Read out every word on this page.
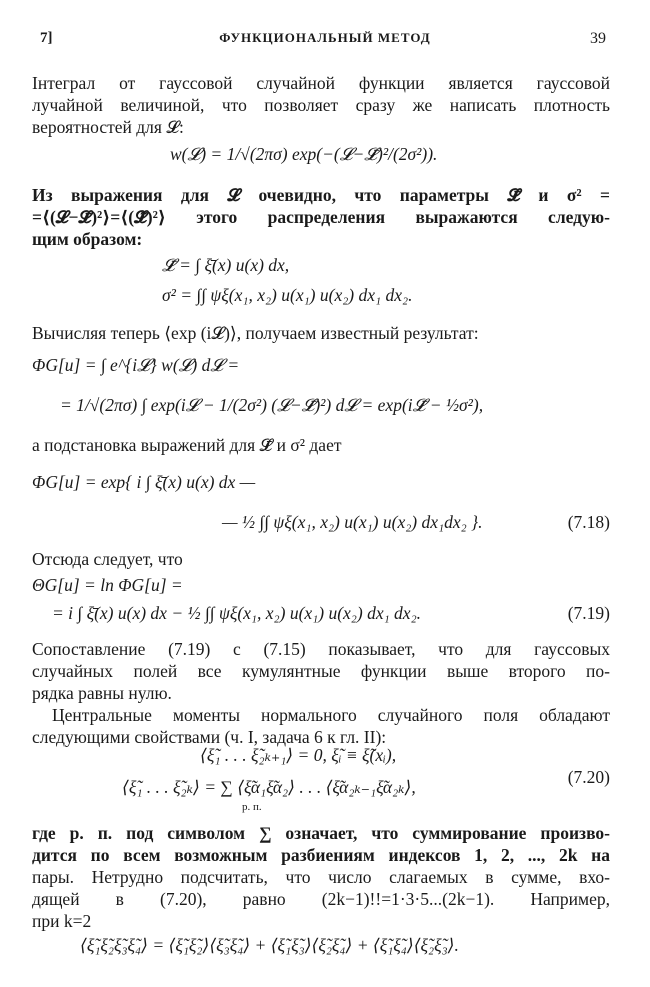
7]	ФУНКЦИОНАЛЬНЫЙ МЕТОД	39
Інтеграл от гауссовой случайной функции является гауссовой
лучайной величиной, что позволяет сразу же написать плотность
вероятностей для 𝓛:
w(𝓛) = 1/√(2πσ) exp(−(𝓛−𝓛̄)²/(2σ²)).
Из выражения для 𝓛 очевидно, что параметры 𝓛̄ и σ² =
=⟨(𝓛−𝓛̄)²⟩=⟨(𝓛̃)²⟩ этого распределения выражаются следую-
щим образом:
𝓛̄ = ∫ ξ̄(x) u(x) dx,
σ² = ∫∫ ψξ(x₁, x₂) u(x₁) u(x₂) dx₁ dx₂.
Вычисляя теперь ⟨exp (i𝓛)⟩, получаем известный результат:
ΦG[u] = ∫ e^{i𝓛} w(𝓛) d𝓛 =
= 1/√(2πσ) ∫ exp(i𝓛 − 1/(2σ²) (𝓛−𝓛̄)²) d𝓛 = exp(i𝓛̄ − ½σ²),
а подстановка выражений для 𝓛̄ и σ² дает
ΦG[u] = exp{ i ∫ ξ̄(x) u(x) dx —
— ½ ∫∫ ψξ(x₁, x₂) u(x₁) u(x₂) dx₁dx₂ }.	(7.18)
Отсюда следует, что
ΘG[u] = ln ΦG[u] =
= i ∫ ξ̄(x) u(x) dx − ½ ∫∫ ψξ(x₁, x₂) u(x₁) u(x₂) dx₁ dx₂.	(7.19)
Сопоставление (7.19) с (7.15) показывает, что для гауссовых
случайных полей все кумулянтные функции выше второго по-
рядка равны нулю.
Центральные моменты нормального случайного поля обладают
следующими свойствами (ч. I, задача 6 к гл. II):
⟨ξ̃₁ . . . ξ̃₂ₖ₊₁⟩ = 0, ξ̃ᵢ ≡ ξ̃(xᵢ),
⟨ξ̃₁ . . . ξ̃₂ₖ⟩ = ∑ ⟨ξ̃α₁ξ̃α₂⟩ . . . ⟨ξ̃α₂ₖ₋₁ξ̃α₂ₖ⟩,
р. п.
(7.20)
где р. п. под символом ∑ означает, что суммирование произво-
дится по всем возможным разбиениям индексов 1, 2, ..., 2k на
пары. Нетрудно подсчитать, что число слагаемых в сумме, вхо-
дящей в (7.20), равно (2k−1)!!=1·3·5...(2k−1). Например,
при k=2
⟨ξ̃₁ξ̃₂ξ̃₃ξ̃₄⟩ = ⟨ξ̃₁ξ̃₂⟩⟨ξ̃₃ξ̃₄⟩ + ⟨ξ̃₁ξ̃₃⟩⟨ξ̃₂ξ̃₄⟩ + ⟨ξ̃₁ξ̃₄⟩⟨ξ̃₂ξ̃₃⟩.
